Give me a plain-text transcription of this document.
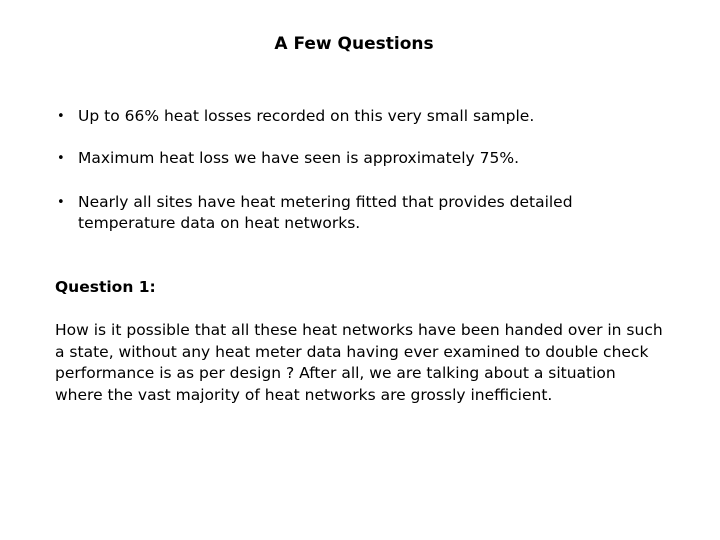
A Few Questions
• Up to 66% heat losses recorded on this very small sample.
• Maximum heat loss we have seen is approximately 75%.
• Nearly all sites have heat metering fitted that provides detailed temperature data on heat networks.
Question 1:
How is it possible that all these heat networks have been handed over in such a state, without any heat meter data having ever examined to double check performance is as per design ? After all, we are talking about a situation where the vast majority of heat networks are grossly inefficient.
